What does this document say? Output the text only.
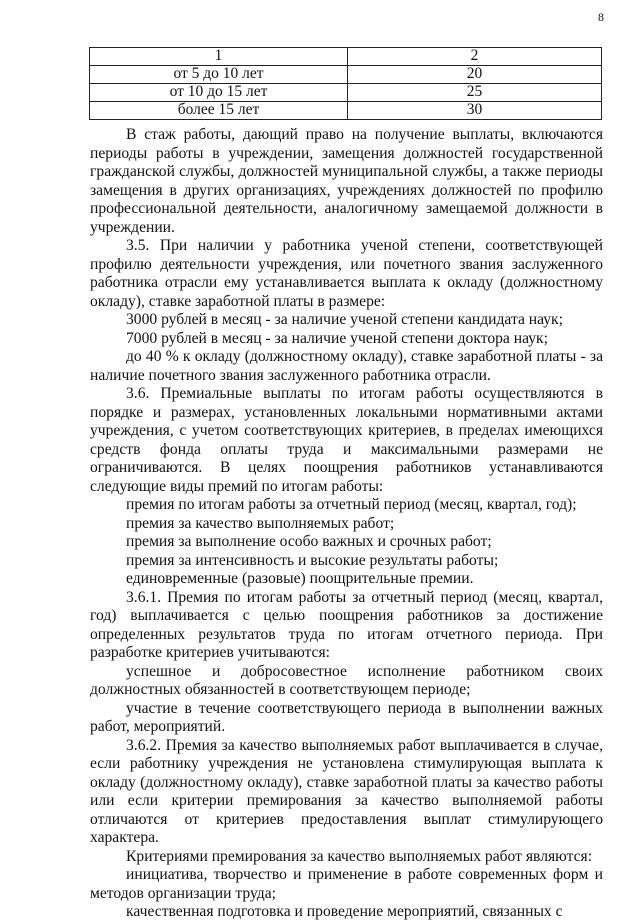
8
1	2
от 5 до 10 лет	20
от 10 до 15 лет	25
более 15 лет	30

В стаж работы, дающий право на получение выплаты, включаются периоды работы в учреждении, замещения должностей государственной гражданской службы, должностей муниципальной службы, а также периоды замещения в других организациях, учреждениях должностей по профилю профессиональной деятельности, аналогичному замещаемой должности в учреждении.

3.5. При наличии у работника ученой степени, соответствующей профилю деятельности учреждения, или почетного звания заслуженного работника отрасли ему устанавливается выплата к окладу (должностному окладу), ставке заработной платы в размере:

3000 рублей в месяц - за наличие ученой степени кандидата наук;

7000 рублей в месяц - за наличие ученой степени доктора наук;

до 40 % к окладу (должностному окладу), ставке заработной платы - за наличие почетного звания заслуженного работника отрасли.

3.6. Премиальные выплаты по итогам работы осуществляются в порядке и размерах, установленных локальными нормативными актами учреждения, с учетом соответствующих критериев, в пределах имеющихся средств фонда оплаты труда и максимальными размерами не ограничиваются. В целях поощрения работников устанавливаются следующие виды премий по итогам работы:

премия по итогам работы за отчетный период (месяц, квартал, год);

премия за качество выполняемых работ;

премия за выполнение особо важных и срочных работ;

премия за интенсивность и высокие результаты работы;

единовременные (разовые) поощрительные премии.

3.6.1. Премия по итогам работы за отчетный период (месяц, квартал, год) выплачивается с целью поощрения работников за достижение определенных результатов труда по итогам отчетного периода. При разработке критериев учитываются:

успешное и добросовестное исполнение работником своих должностных обязанностей в соответствующем периоде;

участие в течение соответствующего периода в выполнении важных работ, мероприятий.

3.6.2. Премия за качество выполняемых работ выплачивается в случае, если работнику учреждения не установлена стимулирующая выплата к окладу (должностному окладу), ставке заработной платы за качество работы или если критерии премирования за качество выполняемой работы отличаются от критериев предоставления выплат стимулирующего характера.

Критериями премирования за качество выполняемых работ являются:

инициатива, творчество и применение в работе современных форм и методов организации труда;

качественная подготовка и проведение мероприятий, связанных с
